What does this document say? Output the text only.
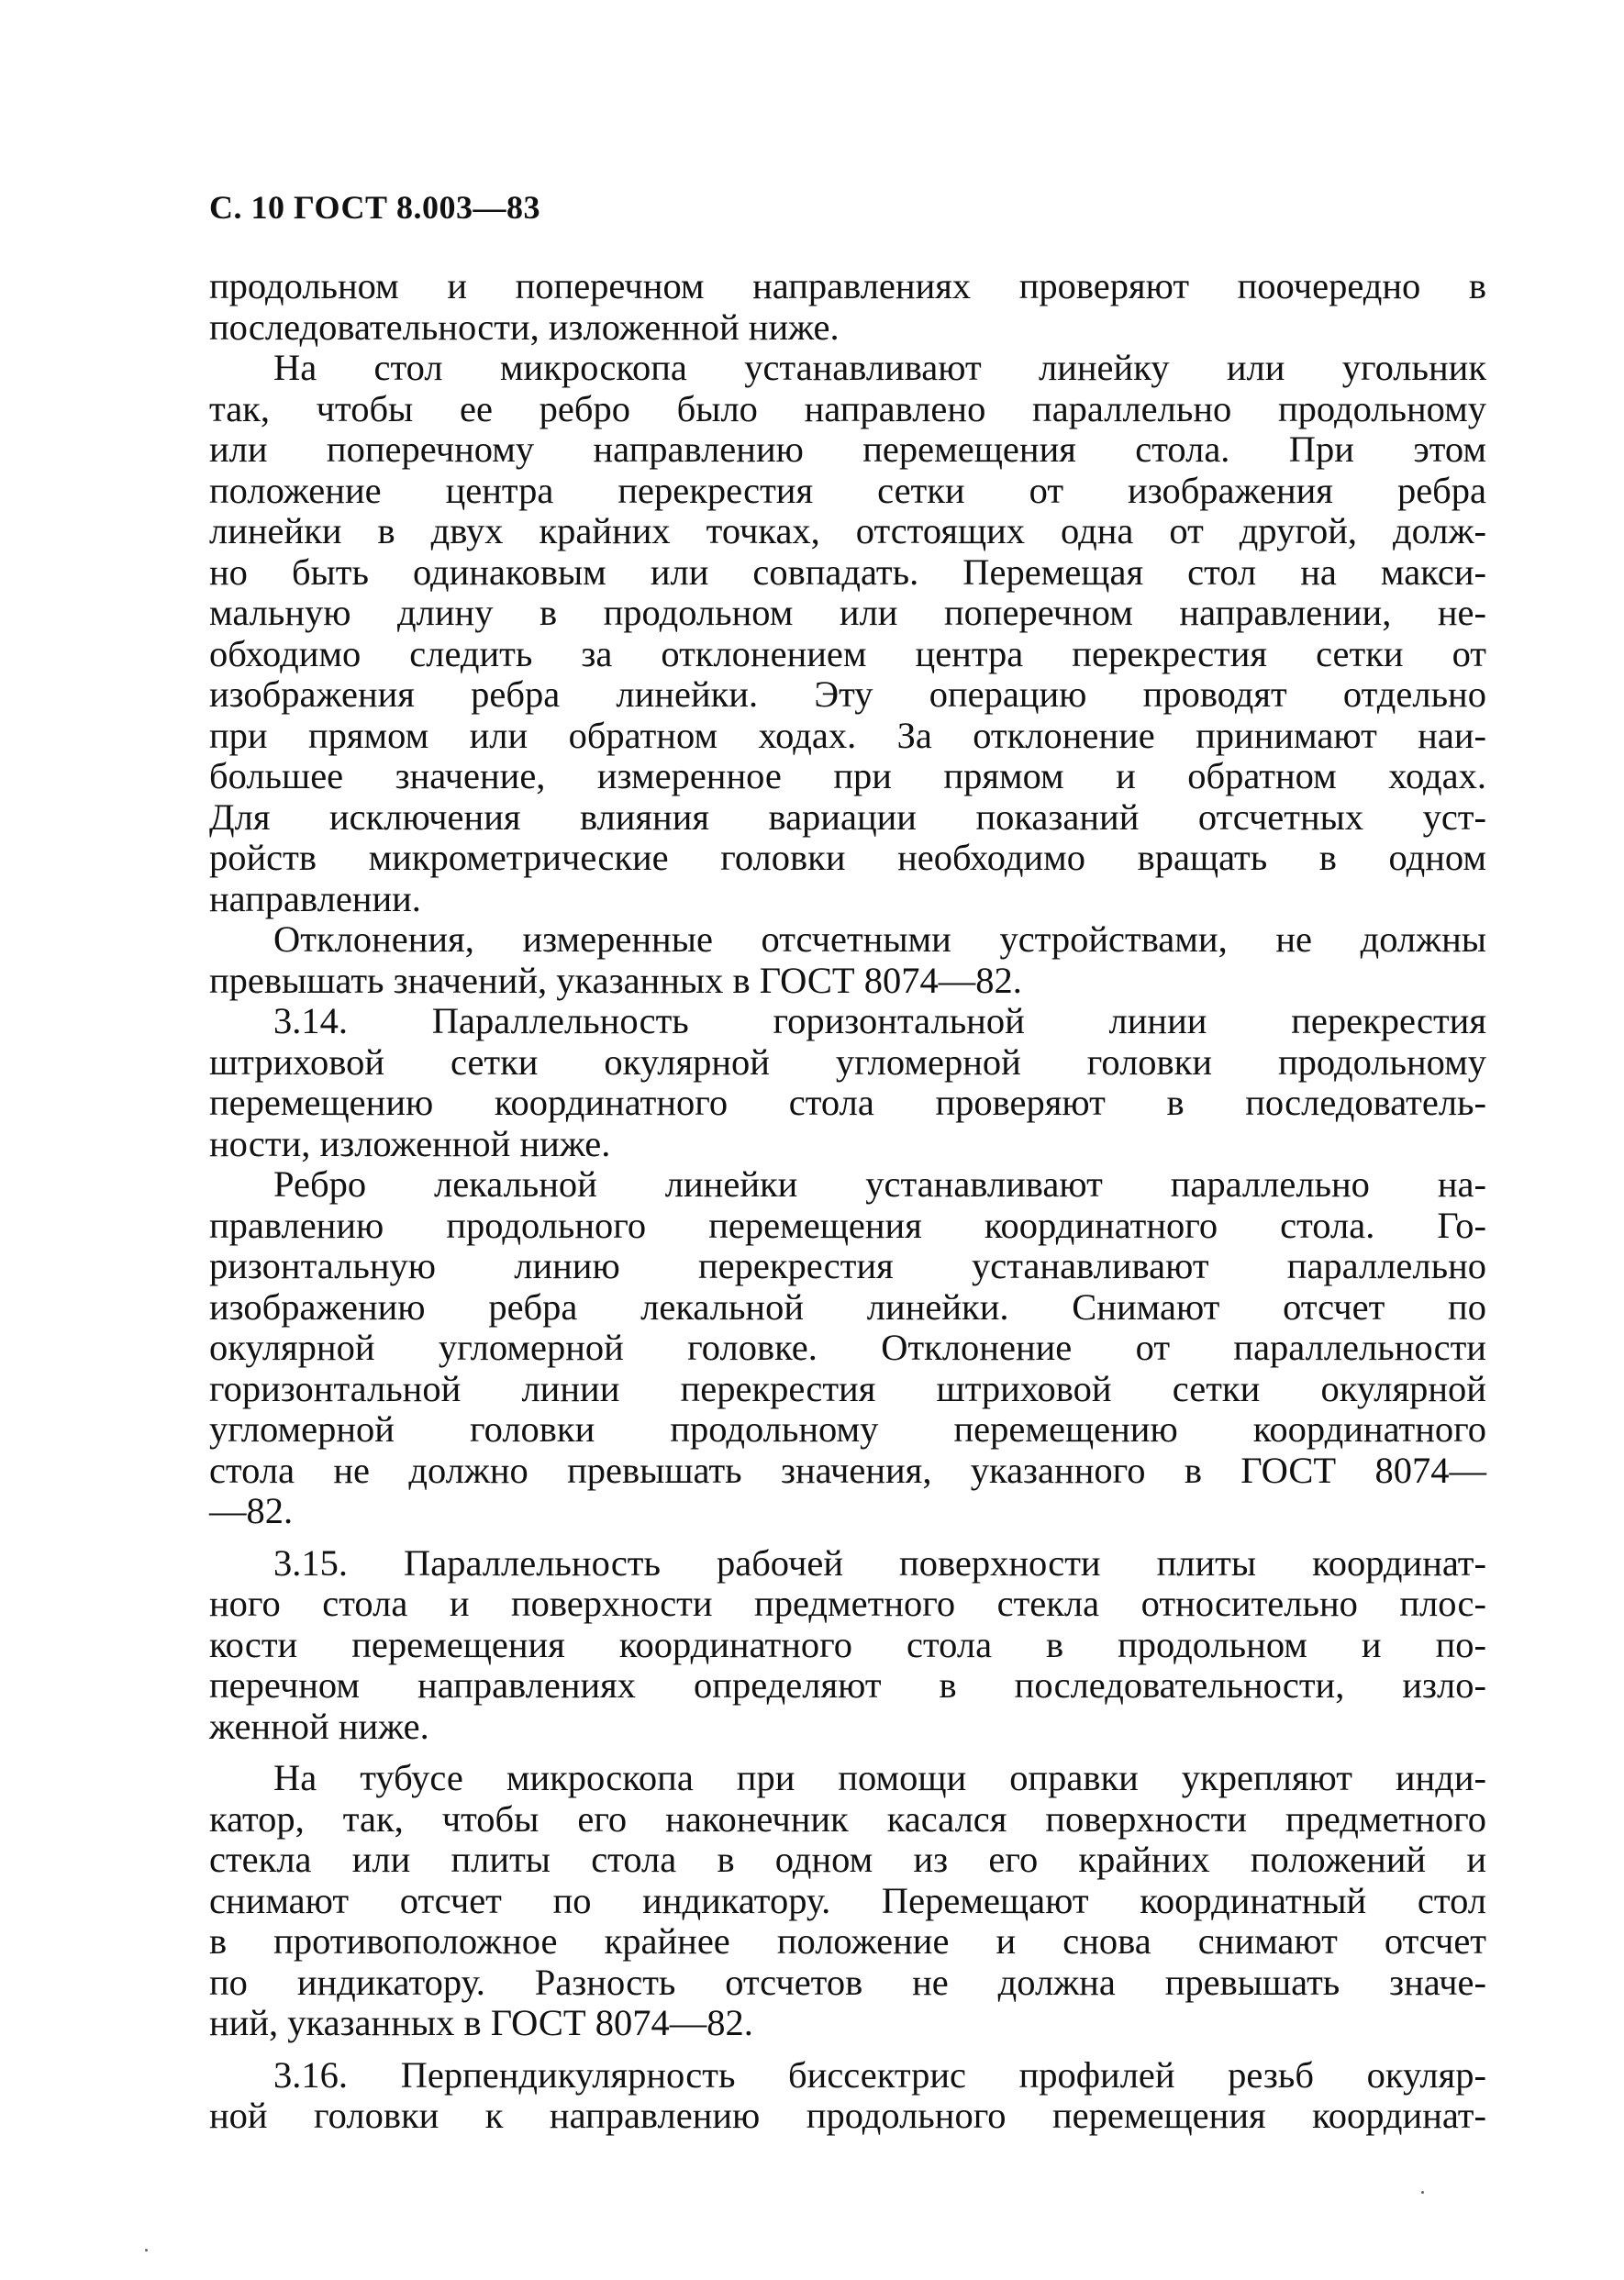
С. 10 ГОСТ 8.003—83
продольном и поперечном направлениях проверяют поочередно в
последовательности, изложенной ниже.
На стол микроскопа устанавливают линейку или угольник
так, чтобы ее ребро было направлено параллельно продольному
или поперечному направлению перемещения стола. При этом
положение центра перекрестия сетки от изображения ребра
линейки в двух крайних точках, отстоящих одна от другой, долж-
но быть одинаковым или совпадать. Перемещая стол на макси-
мальную длину в продольном или поперечном направлении, не-
обходимо следить за отклонением центра перекрестия сетки от
изображения ребра линейки. Эту операцию проводят отдельно
при прямом или обратном ходах. За отклонение принимают наи-
большее значение, измеренное при прямом и обратном ходах.
Для исключения влияния вариации показаний отсчетных уст-
ройств микрометрические головки необходимо вращать в одном
направлении.
Отклонения, измеренные отсчетными устройствами, не должны
превышать значений, указанных в ГОСТ 8074—82.
3.14. Параллельность горизонтальной линии перекрестия
штриховой сетки окулярной угломерной головки продольному
перемещению координатного стола проверяют в последователь-
ности, изложенной ниже.
Ребро лекальной линейки устанавливают параллельно на-
правлению продольного перемещения координатного стола. Го-
ризонтальную линию перекрестия устанавливают параллельно
изображению ребра лекальной линейки. Снимают отсчет по
окулярной угломерной головке. Отклонение от параллельности
горизонтальной линии перекрестия штриховой сетки окулярной
угломерной головки продольному перемещению координатного
стола не должно превышать значения, указанного в ГОСТ 8074—
—82.
3.15. Параллельность рабочей поверхности плиты координат-
ного стола и поверхности предметного стекла относительно плос-
кости перемещения координатного стола в продольном и по-
перечном направлениях определяют в последовательности, изло-
женной ниже.
На тубусе микроскопа при помощи оправки укрепляют инди-
катор, так, чтобы его наконечник касался поверхности предметного
стекла или плиты стола в одном из его крайних положений и
снимают отсчет по индикатору. Перемещают координатный стол
в противоположное крайнее положение и снова снимают отсчет
по индикатору. Разность отсчетов не должна превышать значе-
ний, указанных в ГОСТ 8074—82.
3.16. Перпендикулярность биссектрис профилей резьб окуляр-
ной головки к направлению продольного перемещения координат-
